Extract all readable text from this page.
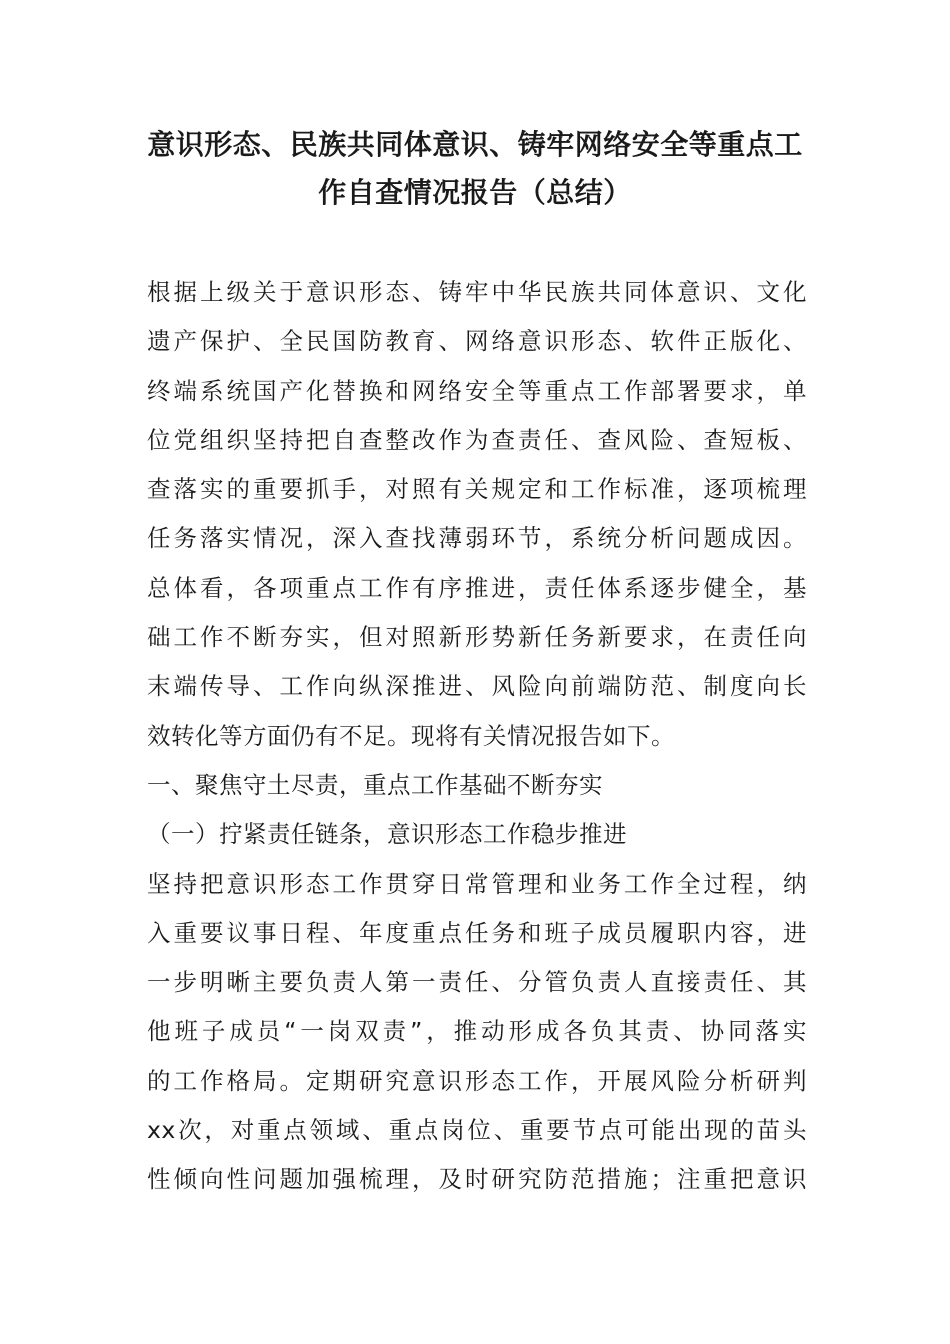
意识形态、民族共同体意识、铸牢网络安全等重点工
作自查情况报告（总结）
根据上级关于意识形态、铸牢中华民族共同体意识、文化
遗产保护、全民国防教育、网络意识形态、软件正版化、
终端系统国产化替换和网络安全等重点工作部署要求，单
位党组织坚持把自查整改作为查责任、查风险、查短板、
查落实的重要抓手，对照有关规定和工作标准，逐项梳理
任务落实情况，深入查找薄弱环节，系统分析问题成因。
总体看，各项重点工作有序推进，责任体系逐步健全，基
础工作不断夯实，但对照新形势新任务新要求，在责任向
末端传导、工作向纵深推进、风险向前端防范、制度向长
效转化等方面仍有不足。现将有关情况报告如下。
一、聚焦守土尽责，重点工作基础不断夯实
（一）拧紧责任链条，意识形态工作稳步推进
坚持把意识形态工作贯穿日常管理和业务工作全过程，纳
入重要议事日程、年度重点任务和班子成员履职内容，进
一步明晰主要负责人第一责任、分管负责人直接责任、其
他班子成员“一岗双责”，推动形成各负其责、协同落实
的工作格局。定期研究意识形态工作，开展风险分析研判
xx次，对重点领域、重点岗位、重要节点可能出现的苗头
性倾向性问题加强梳理，及时研究防范措施；注重把意识
